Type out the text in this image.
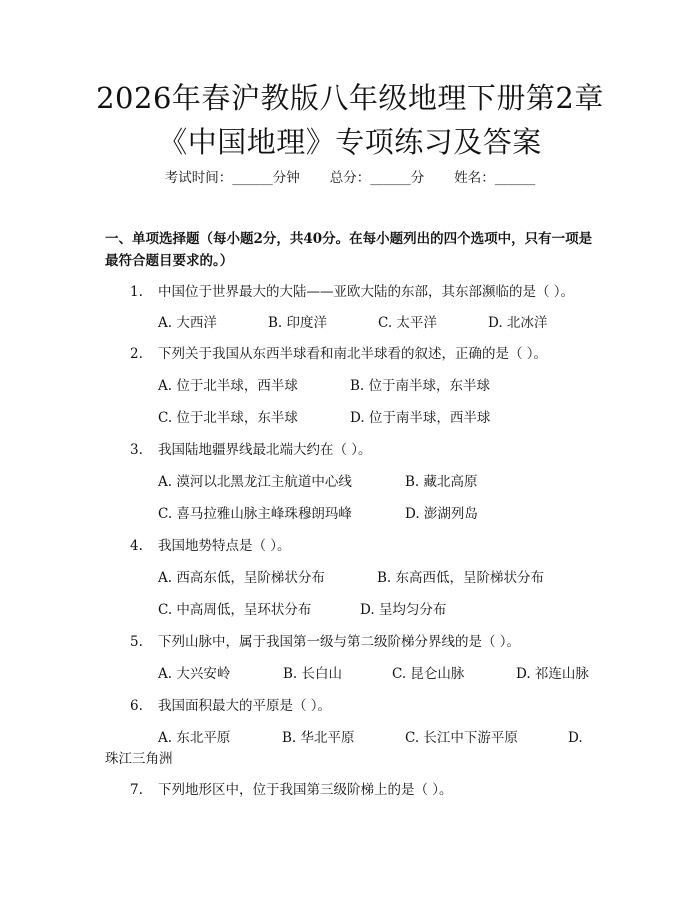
2026年春沪教版八年级地理下册第2章《中国地理》专项练习及答案
考试时间：______分钟 总分：______分 姓名：______
一、单项选择题（每小题2分，共40分。在每小题列出的四个选项中，只有一项是最符合题目要求的。）
1. 中国位于世界最大的大陆——亚欧大陆的东部，其东部濒临的是（ ）。
A. 大西洋	B. 印度洋	C. 太平洋	D. 北冰洋
2. 下列关于我国从东西半球看和南北半球看的叙述，正确的是（ ）。
A. 位于北半球，西半球	B. 位于南半球，东半球
C. 位于北半球，东半球	D. 位于南半球，西半球
3. 我国陆地疆界线最北端大约在（ ）。
A. 漠河以北黑龙江主航道中心线	B. 藏北高原
C. 喜马拉雅山脉主峰珠穆朗玛峰	D. 澎湖列岛
4. 我国地势特点是（ ）。
A. 西高东低，呈阶梯状分布	B. 东高西低，呈阶梯状分布
C. 中高周低，呈环状分布	D. 呈均匀分布
5. 下列山脉中，属于我国第一级与第二级阶梯分界线的是（ ）。
A. 大兴安岭	B. 长白山	C. 昆仑山脉	D. 祁连山脉
6. 我国面积最大的平原是（ ）。
A. 东北平原	B. 华北平原	C. 长江中下游平原	D.
珠江三角洲
7. 下列地形区中，位于我国第三级阶梯上的是（ ）。
